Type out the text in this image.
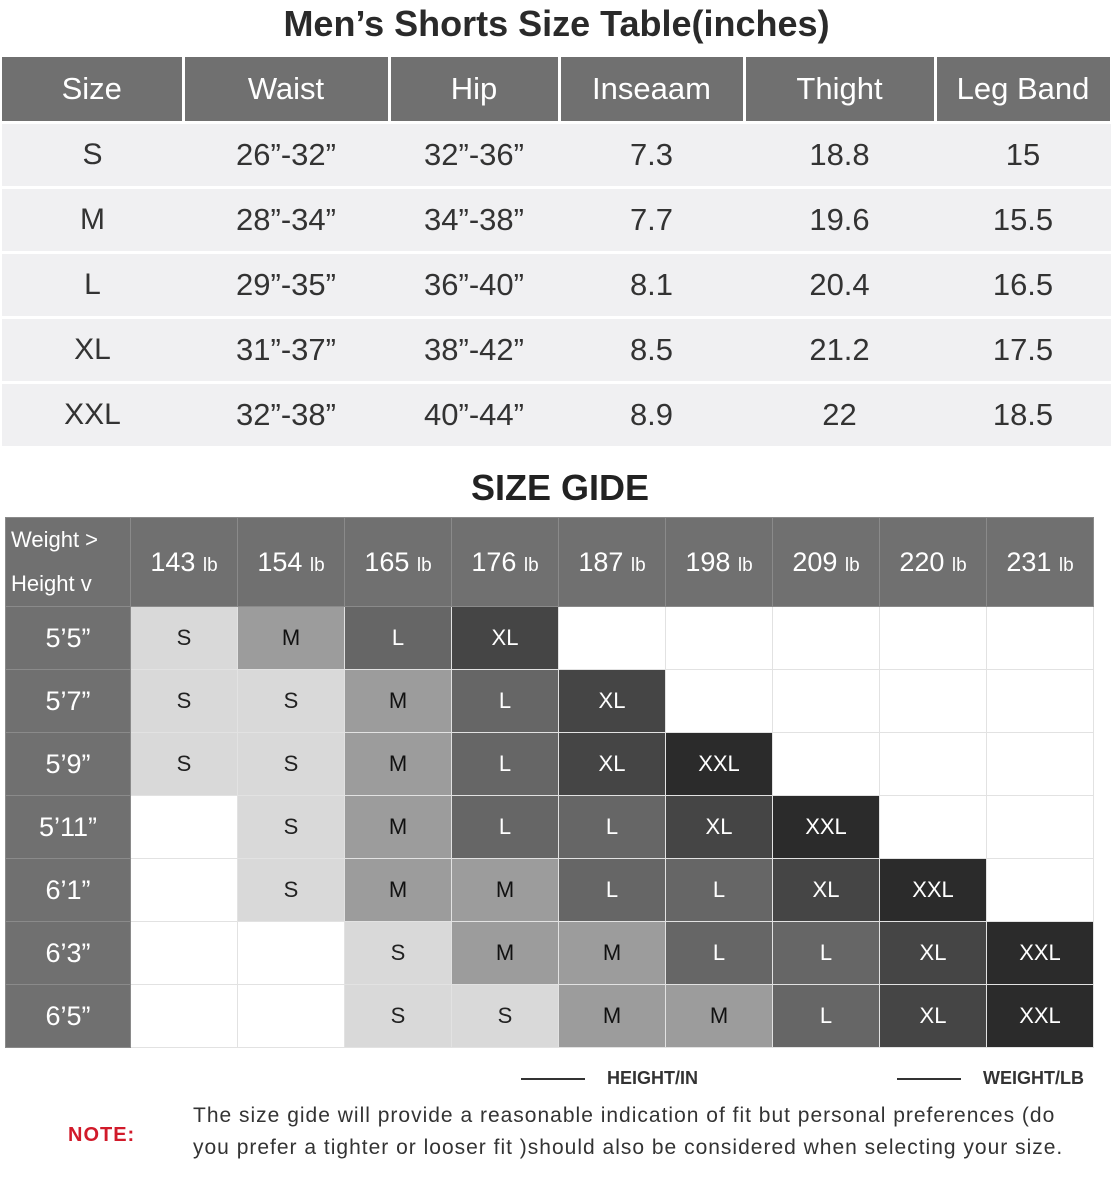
Men’s Shorts Size Table(inches)
Size	Waist	Hip	Inseaam	Thight	Leg Band
S	26”-32”	32”-36”	7.3	18.8	15
M	28”-34”	34”-38”	7.7	19.6	15.5
L	29”-35”	36”-40”	8.1	20.4	16.5
XL	31”-37”	38”-42”	8.5	21.2	17.5
XXL	32”-38”	40”-44”	8.9	22	18.5
SIZE GIDE
Weight >
Height v	143 lb	154 lb	165 lb	176 lb	187 lb	198 lb	209 lb	220 lb	231 lb
5’5”	S	M	L	XL					
5’7”	S	S	M	L	XL				
5’9”	S	S	M	L	XL	XXL			
5’11”		S	M	L	L	XL	XXL		
6’1”		S	M	M	L	L	XL	XXL	
6’3”			S	M	M	L	L	XL	XXL
6’5”			S	S	M	M	L	XL	XXL
HEIGHT/IN	WEIGHT/LB
NOTE:
The size gide will provide a reasonable indication of fit but personal preferences (do you prefer a tighter or looser fit )should also be considered when selecting your size.
